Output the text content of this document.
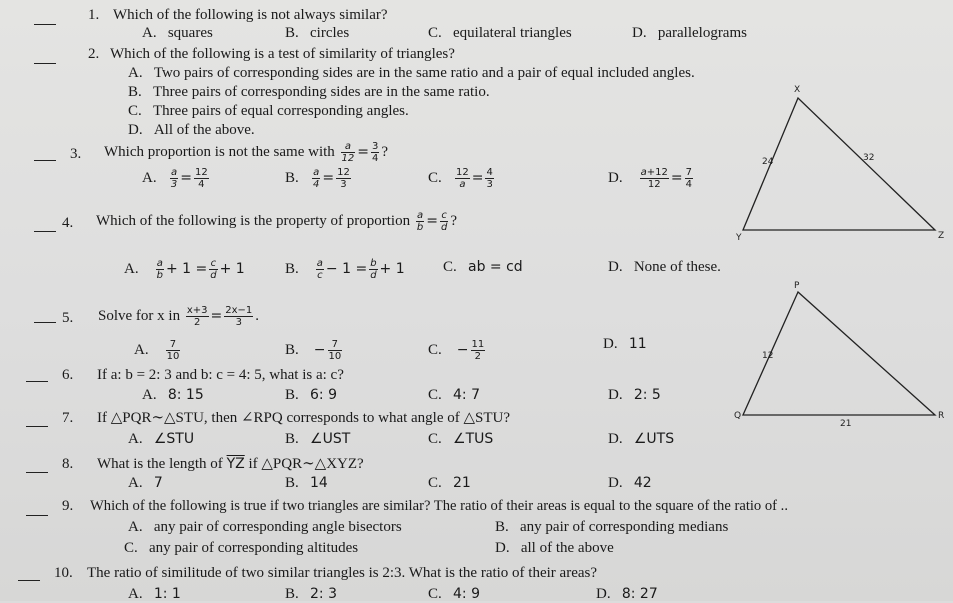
1. Which of the following is not always similar?
A. squares	B. circles	C. equilateral triangles	D. parallelograms
2. Which of the following is a test of similarity of triangles?
A. Two pairs of corresponding sides are in the same ratio and a pair of equal included angles.
B. Three pairs of corresponding sides are in the same ratio.
C. Three pairs of equal corresponding angles.
D. All of the above.
3. Which proportion is not the same with $\frac{a}{12} = \frac{3}{4}$ ?
A. $\frac{a}{3} = \frac{12}{4}$	B. $\frac{a}{4} = \frac{12}{3}$	C. $\frac{12}{a} = \frac{4}{3}$	D. $\frac{a+12}{12} = \frac{7}{4}$
4. Which of the following is the property of proportion $\frac{a}{b} = \frac{c}{d}$ ?
A. $\frac{a}{b} + 1 = \frac{c}{d} + 1$	B. $\frac{a}{c} - 1 = \frac{b}{d} + 1$	C. ab = cd	D. None of these.
5. Solve for x in $\frac{x+3}{2} = \frac{2x-1}{3}$ .
A. $\frac{7}{10}$	B. − $\frac{7}{10}$	C. − $\frac{11}{2}$	D. 11
6. If a: b = 2: 3 and b: c = 4: 5, what is a: c?
A. 8: 15	B. 6: 9	C. 4: 7	D. 2: 5
7. If △PQR∼△STU, then ∠RPQ corresponds to what angle of △STU?
A. ∠STU	B. ∠UST	C. ∠TUS	D. ∠UTS
8. What is the length of $\overline{YZ}$ if △PQR∼△XYZ?
A. 7	B. 14	C. 21	D. 42
9. Which of the following is true if two triangles are similar? The ratio of their areas is equal to the square of the ratio of ..
A. any pair of corresponding angle bisectors	B. any pair of corresponding medians
C. any pair of corresponding altitudes	D. all of the above
10. The ratio of similitude of two similar triangles is 2:3. What is the ratio of their areas?
A. 1: 1	B. 2: 3	C. 4: 9	D. 8: 27
X
Y	Z
24	32
P
Q	R
12
21
